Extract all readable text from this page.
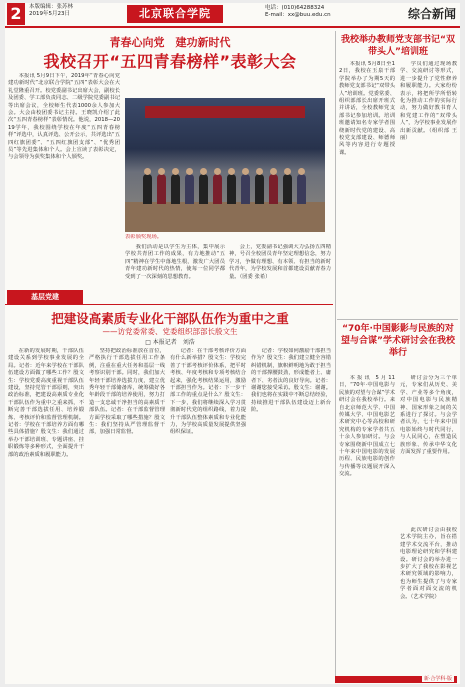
2	本版编辑：张苏林
2019年5月23日	北京联合学院	电话：(010)64288324
E-mail：xx@buu.edu.cn	综合新闻
青春心向党　建功新时代
我校召开“五四青春榜样”表彰大会

本报讯 5月9日下午，2019年“青春心向党 建功新时代”北京联合学院“五四”表彰大会在大礼堂隆重召开。校党委副书记出席大会，副校长及团委、学工部负责同志、二级学院党委副书记等出席会议，全校师生代表1000余人参加大会。大会由校团委书记主持。王晓凯介绍了此次“五四青春榜样”表彰情况。他说，2018—2019学年，我校围绕学校在年度“五四青春榜样”评选中，认真评选、公开公示，共评选出“五四红旗团委”、“五四红旗团支部”、“优秀团员”等先进集体和个人。会上宣读了表彰决定，与会领导为获奖集体和个人颁奖。

表彰颁奖现场。

我们活动是以学生为主体，集中展示学校共青团工作的成果，有力地推动“五四”精神在学生中落地生根，激发广大团员青年建功新时代的热情，使每一位同学都受到了一次深刻的思想教育。

会上，党委副书记强调大力弘扬五四精神，号召全校团员青年坚定理想信念，努力学习，争做有理想、有本领、有担当的新时代青年，为学校发展和首都建设贡献青春力量。（团委 张希）

基层党建
把建设高素质专业化干部队伍作为重中之重
——访党委常委、党委组织部部长殷文生
□ 本报记者　刘浩

在新的发展时期，干部队伍建设关系到学校事业发展的全局。记者：近年来学校在干部队伍建设方面做了哪些工作？殷文生：学校党委高度重视干部队伍建设，坚持党管干部原则，突出政治标准，把建设高素质专业化干部队伍作为重中之重来抓，不断完善干部选拔任用、培养锻炼、考核评价和监督管理机制。记者：学校在干部培养方面有哪些具体措施？殷文生：我们通过举办干部培训班、专题讲座、挂职锻炼等多种形式，全面提升干部的政治素质和履职能力。

坚持把政治标准放在首位，严格执行干部选拔任用工作条例，注重在重大任务和基层一线考察识别干部。同时，我们加大年轻干部培养选拔力度，建立优秀年轻干部储备库，统筹做好各年龄段干部的培养使用，努力打造一支忠诚干净担当的高素质干部队伍。记者：在干部监督管理方面学校采取了哪些措施？殷文生：我们坚持从严管理监督干部，加强日常监督。

记者：在干部考核评价方面有什么新举措？殷文生：学校完善了干部考核评价体系，把平时考核、年度考核和专项考核结合起来，强化考核结果运用，激励干部担当作为。记者：下一步干部工作的重点是什么？殷文生：下一步，我们将继续深入学习贯彻新时代党的组织路线，着力提升干部队伍整体素质和专业化能力，为学校高质量发展提供坚强组织保证。

记者：学校如何激励干部担当作为？殷文生：我们建立健全容错纠错机制，旗帜鲜明地为敢于担当的干部撑腰鼓劲，形成能者上、庸者下、劣者汰的良好导向。记者：谢谢您接受采访。殷文生：谢谢。我们也将在实践中不断总结经验，持续推进干部队伍建设迈上新台阶。

我校举办教师党支部书记“双带头人”培训班

本报讯 5月8日至12日，我校在玉泉干部学院举办了为期5天的教师党支部书记“双带头人”培训班。党委常委、组织部部长出席开班式并讲话，全校教师党支部书记参加培训。培训班邀请知名专家学者围绕新时代党的建设、高校党支部建设、师德师风等内容进行专题授课。

学员们通过现场教学、交流研讨等形式，进一步提升了党性修养和履职能力。大家纷纷表示，将把所学所悟转化为推动工作的实际行动，努力做好教书育人和党建工作的“双带头人”，为学校事业发展作出新贡献。（组织部 王丽）

“70年·中国影影与民族的对望与合谋”学术研讨会在我校举行

本报讯 5月11日，“70年·中国电影与民族的对望与合谋”学术研讨会在我校举行。来自北京师范大学、中国传媒大学、中国电影艺术研究中心等高校和研究机构的专家学者共五十余人参加研讨。与会专家围绕新中国成立七十年来中国电影的发展历程、民族电影的创作与传播等议题展开深入交流。

研讨会分为三个单元，专家们从历史、美学、产业等多个角度，对中国电影与民族精神、国家形象之间的关系进行了探讨。与会学者认为，七十年来中国电影始终与时代同行，与人民同心，在塑造民族形象、传承中华文化方面发挥了重要作用。

此次研讨会由我校艺术学院主办，旨在搭建学术交流平台，推动电影理论研究和学科建设。研讨会的举办进一步扩大了我校在影视艺术研究领域的影响力，也为师生提供了与专家学者面对面交流的机会。（艺术学院）

新·合学科·版
